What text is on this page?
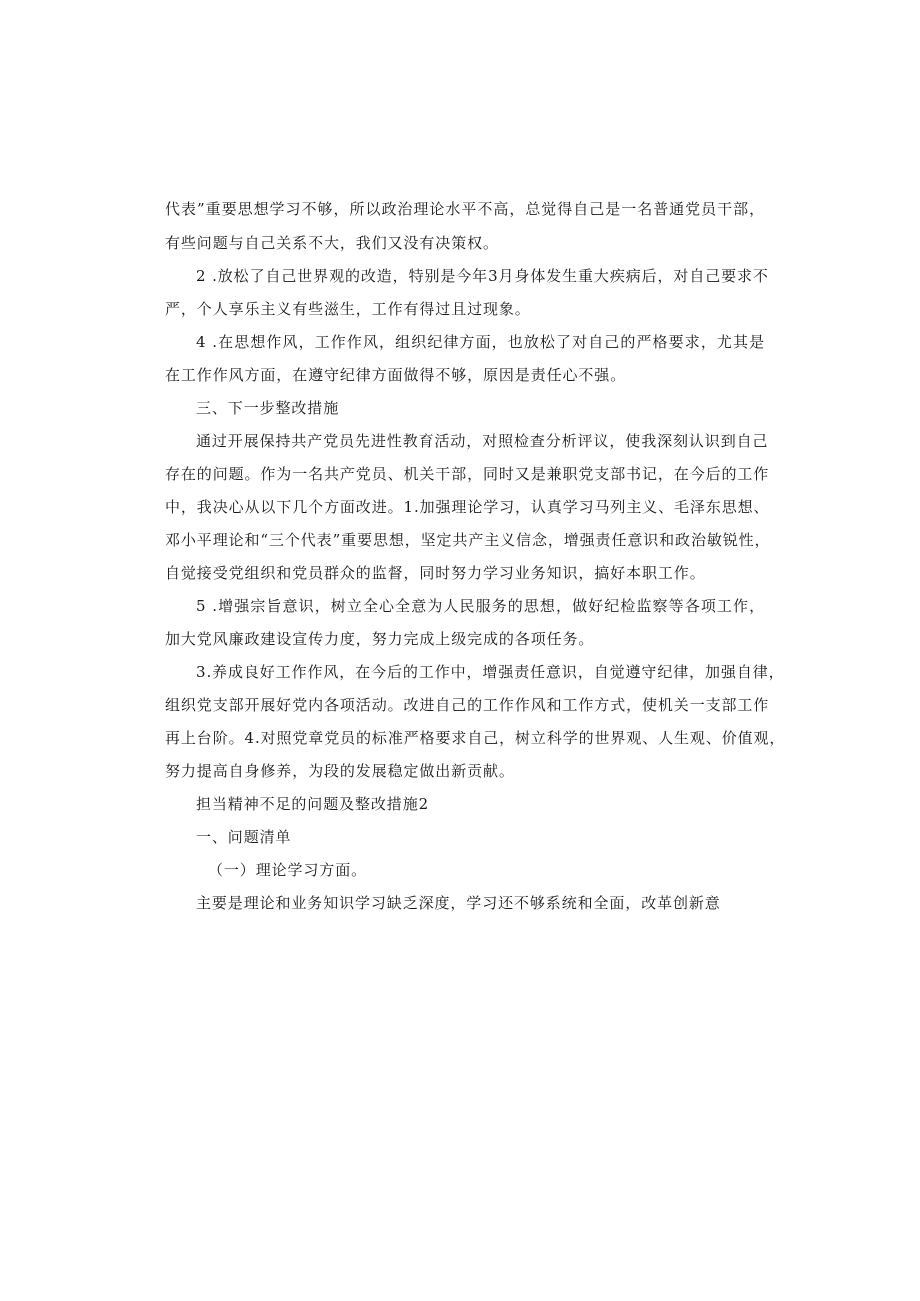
代表”重要思想学习不够，所以政治理论水平不高，总觉得自己是一名普通党员干部，
有些问题与自己关系不大，我们又没有决策权。
2 .放松了自己世界观的改造，特别是今年3月身体发生重大疾病后，对自己要求不
严，个人享乐主义有些滋生，工作有得过且过现象。
4 .在思想作风，工作作风，组织纪律方面，也放松了对自己的严格要求，尤其是
在工作作风方面，在遵守纪律方面做得不够，原因是责任心不强。
三、下一步整改措施
通过开展保持共产党员先进性教育活动，对照检查分析评议，使我深刻认识到自己
存在的问题。作为一名共产党员、机关干部，同时又是兼职党支部书记，在今后的工作
中，我决心从以下几个方面改进。1.加强理论学习，认真学习马列主义、毛泽东思想、
邓小平理论和“三个代表”重要思想，坚定共产主义信念，增强责任意识和政治敏锐性，
自觉接受党组织和党员群众的监督，同时努力学习业务知识，搞好本职工作。
5 .增强宗旨意识，树立全心全意为人民服务的思想，做好纪检监察等各项工作，
加大党风廉政建设宣传力度，努力完成上级完成的各项任务。
3.养成良好工作作风，在今后的工作中，增强责任意识，自觉遵守纪律，加强自律，
组织党支部开展好党内各项活动。改进自己的工作作风和工作方式，使机关一支部工作
再上台阶。4.对照党章党员的标准严格要求自己，树立科学的世界观、人生观、价值观，
努力提高自身修养，为段的发展稳定做出新贡献。
担当精神不足的问题及整改措施2
一、问题清单
（一）理论学习方面。
主要是理论和业务知识学习缺乏深度，学习还不够系统和全面，改革创新意
